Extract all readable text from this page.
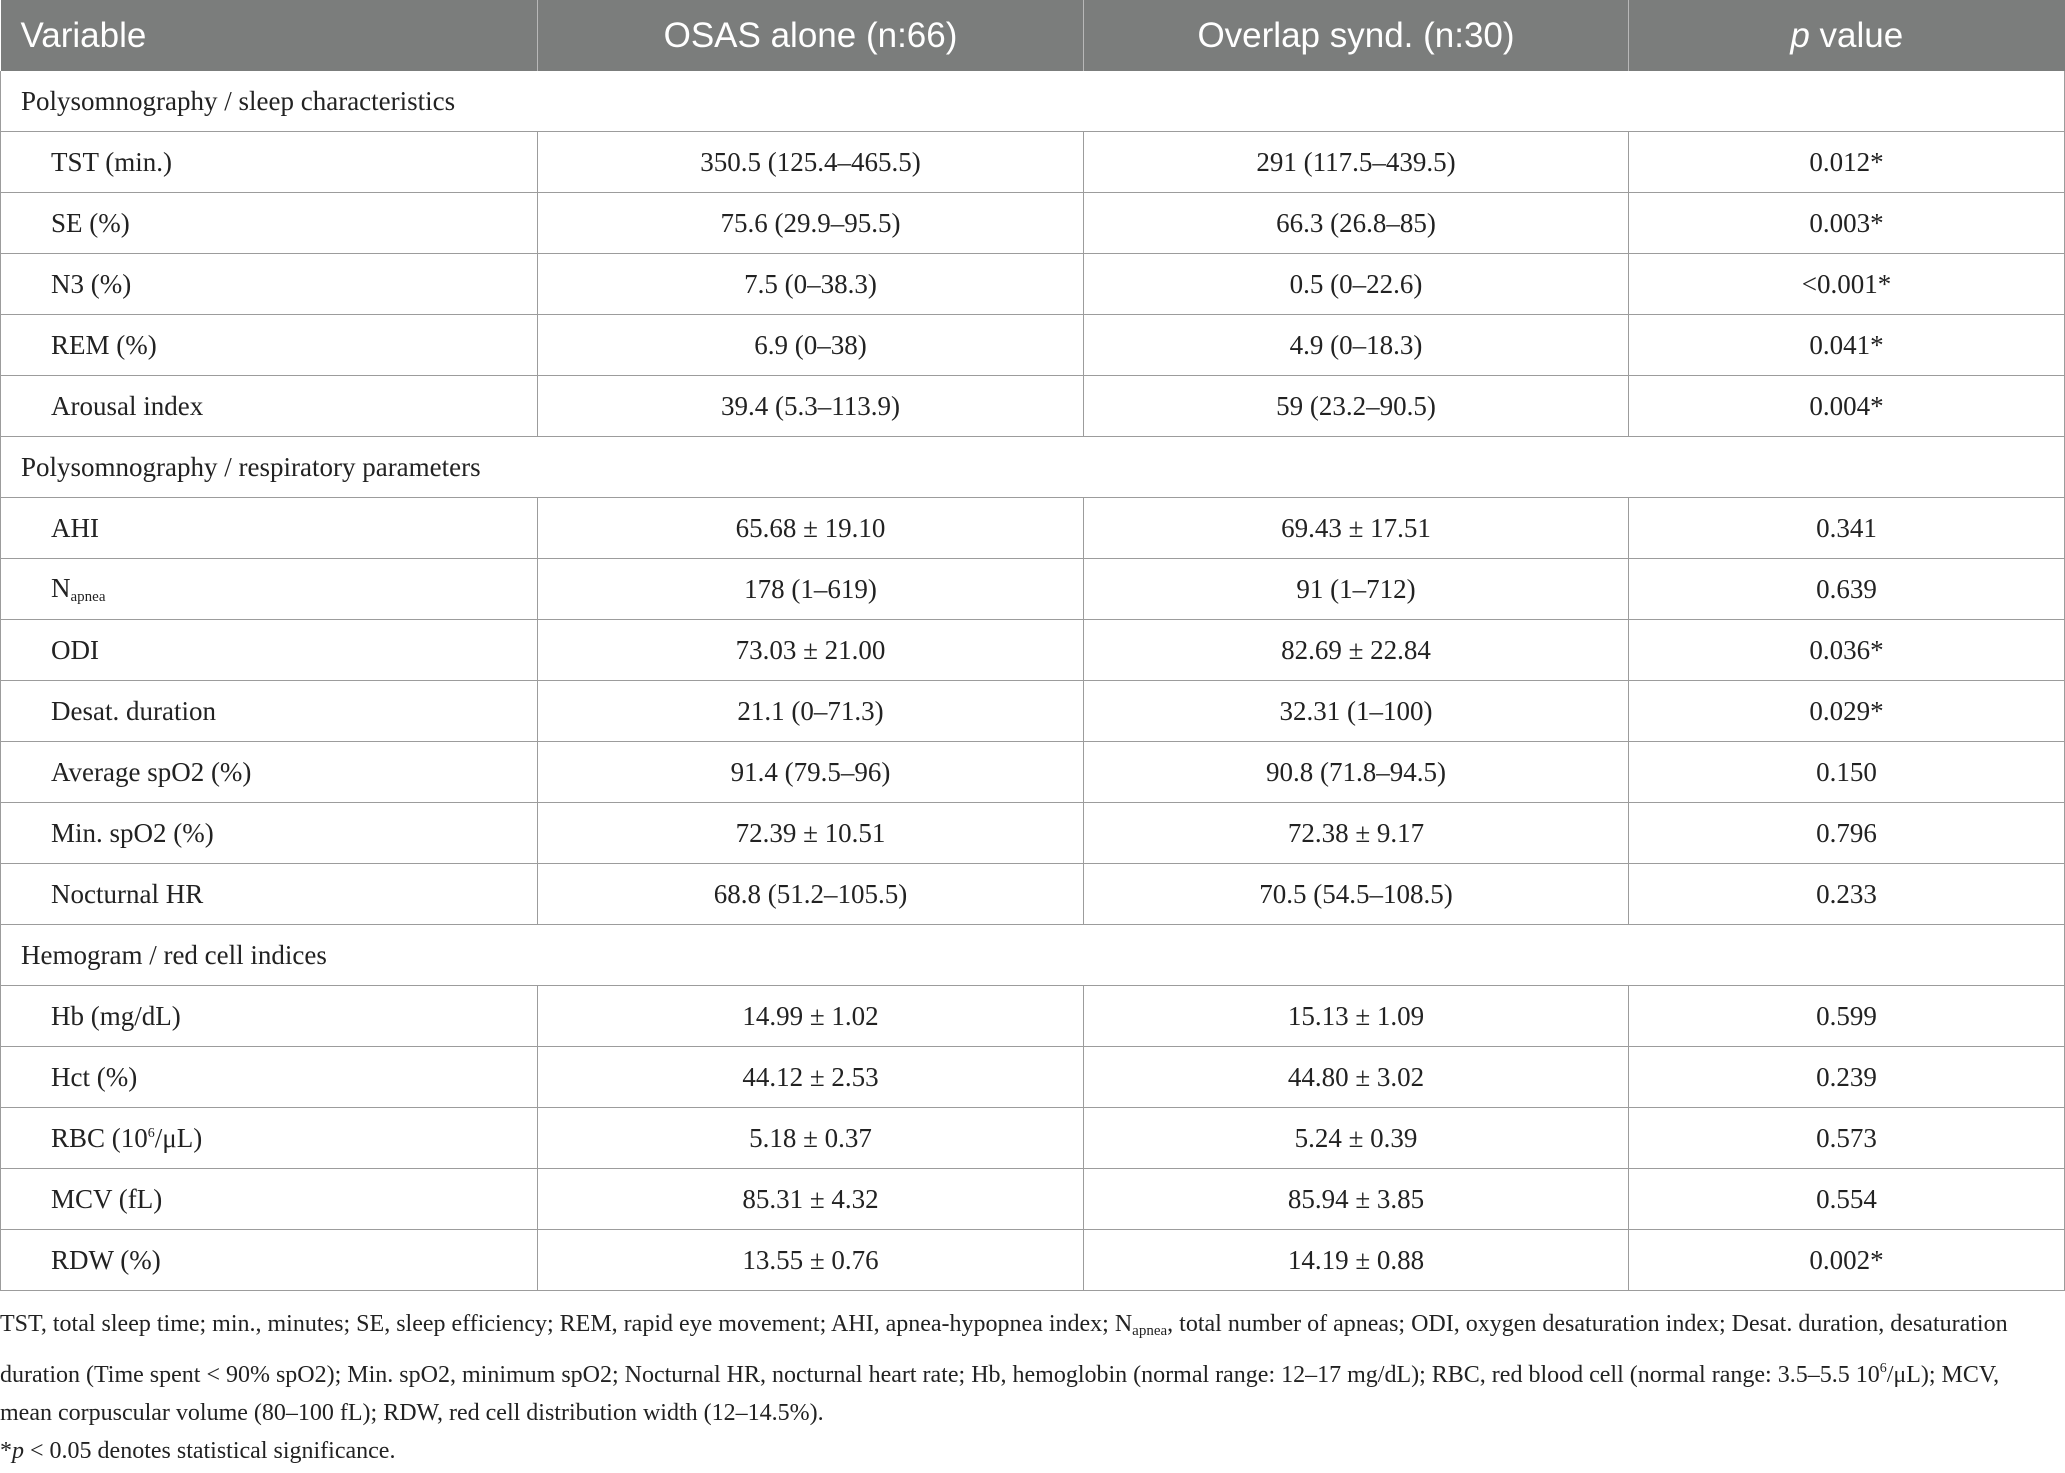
Variable	OSAS alone (n:66)	Overlap synd. (n:30)	p value
Polysomnography / sleep characteristics			
TST (min.)	350.5 (125.4–465.5)	291 (117.5–439.5)	0.012*
SE (%)	75.6 (29.9–95.5)	66.3 (26.8–85)	0.003*
N3 (%)	7.5 (0–38.3)	0.5 (0–22.6)	<0.001*
REM (%)	6.9 (0–38)	4.9 (0–18.3)	0.041*
Arousal index	39.4 (5.3–113.9)	59 (23.2–90.5)	0.004*
Polysomnography / respiratory parameters			
AHI	65.68 ± 19.10	69.43 ± 17.51	0.341
$N_{apnea}$	178 (1–619)	91 (1–712)	0.639
ODI	73.03 ± 21.00	82.69 ± 22.84	0.036*
Desat. duration	21.1 (0–71.3)	32.31 (1–100)	0.029*
Average spO2 (%)	91.4 (79.5–96)	90.8 (71.8–94.5)	0.150
Min. spO2 (%)	72.39 ± 10.51	72.38 ± 9.17	0.796
Nocturnal HR	68.8 (51.2–105.5)	70.5 (54.5–108.5)	0.233
Hemogram / red cell indices			
Hb (mg/dL)	14.99 ± 1.02	15.13 ± 1.09	0.599
Hct (%)	44.12 ± 2.53	44.80 ± 3.02	0.239
RBC $(10^6/\mu L)$	5.18 ± 0.37	5.24 ± 0.39	0.573
MCV (fL)	85.31 ± 4.32	85.94 ± 3.85	0.554
RDW (%)	13.55 ± 0.76	14.19 ± 0.88	0.002*

TST, total sleep time; min., minutes; SE, sleep efficiency; REM, rapid eye movement; AHI, apnea-hypopnea index; $N_{apnea}$, total number of apneas; ODI, oxygen desaturation index; Desat. duration, desaturation duration (Time spent < 90% spO2); Min. spO2, minimum spO2; Nocturnal HR, nocturnal heart rate; Hb, hemoglobin (normal range: 12–17 mg/dL); RBC, red blood cell (normal range: 3.5–5.5 $10^6/\mu L$); MCV, mean corpuscular volume (80–100 fL); RDW, red cell distribution width (12–14.5%).

*p < 0.05 denotes statistical significance.
